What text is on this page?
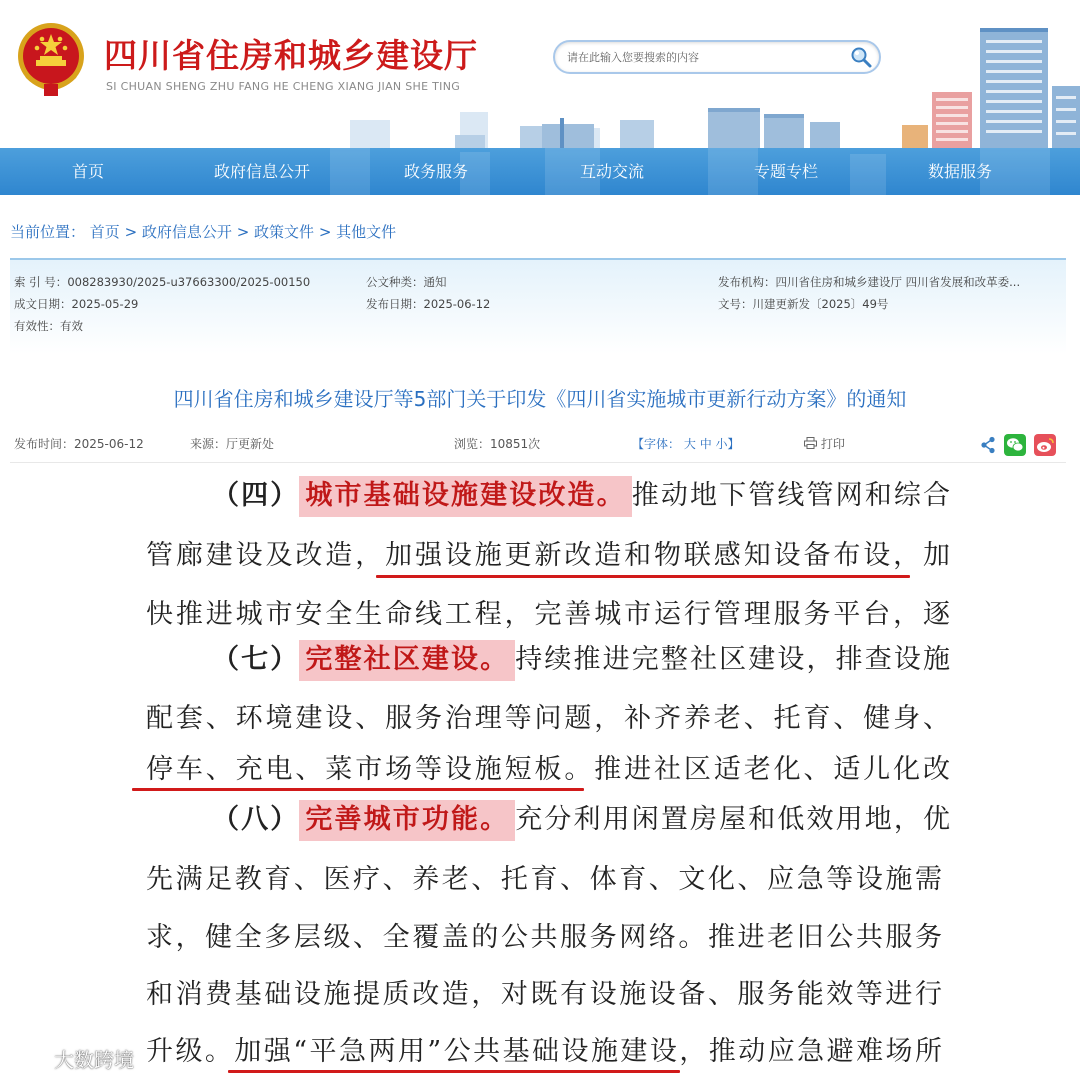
四川省住房和城乡建设厅
SI CHUAN SHENG ZHU FANG HE CHENG XIANG JIAN SHE TING
请在此输入您要搜索的内容
首页	政府信息公开	政务服务	互动交流	专题专栏	数据服务
当前位置： 首页 > 政府信息公开 > 政策文件 > 其他文件
索 引 号：008283930/2025-u37663300/2025-00150	公文种类：通知	发布机构：四川省住房和城乡建设厅 四川省发展和改革委...
成文日期：2025-05-29	发布日期：2025-06-12	文号：川建更新发〔2025〕49号
有效性：有效
四川省住房和城乡建设厅等5部门关于印发《四川省实施城市更新行动方案》的通知
发布时间：2025-06-12	来源：厅更新处	浏览：10851次	【字体： 大 中 小】	打印
（四） 城市基础设施建设改造。 推动地下管线管网和综合
管廊建设及改造，加强设施更新改造和物联感知设备布设，加
快推进城市安全生命线工程，完善城市运行管理服务平台，逐
（七） 完整社区建设。 持续推进完整社区建设，排查设施
配套、环境建设、服务治理等问题，补齐养老、托育、健身、
停车、充电、菜市场等设施短板。推进社区适老化、适儿化改
（八） 完善城市功能。 充分利用闲置房屋和低效用地，优
先满足教育、医疗、养老、托育、体育、文化、应急等设施需
求，健全多层级、全覆盖的公共服务网络。推进老旧公共服务
和消费基础设施提质改造，对既有设施设备、服务能效等进行
升级。加强“平急两用”公共基础设施建设，推动应急避难场所
大数跨境
